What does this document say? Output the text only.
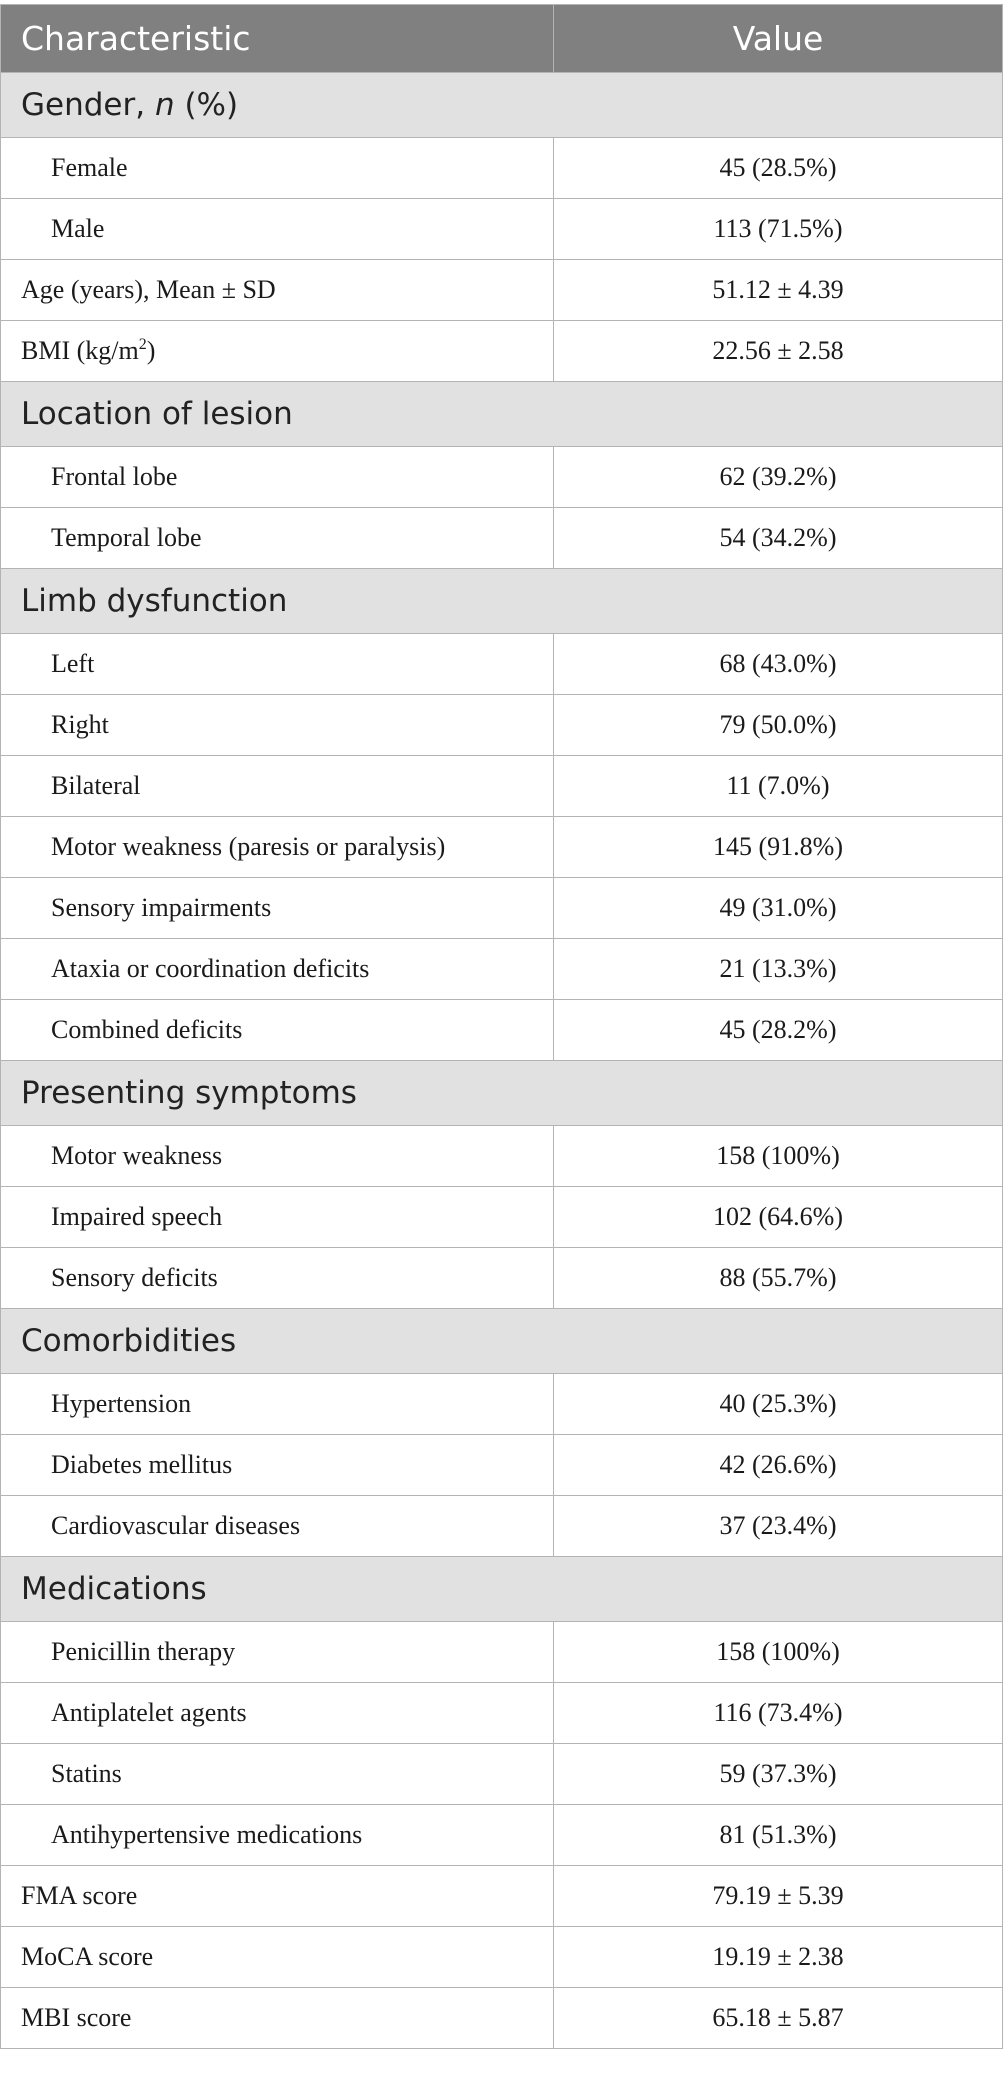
Characteristic	Value
Gender, n (%)	
Female	45 (28.5%)
Male	113 (71.5%)
Age (years), Mean ± SD	51.12 ± 4.39
BMI $(kg/m^2)$	22.56 ± 2.58
Location of lesion	
Frontal lobe	62 (39.2%)
Temporal lobe	54 (34.2%)
Limb dysfunction	
Left	68 (43.0%)
Right	79 (50.0%)
Bilateral	11 (7.0%)
Motor weakness (paresis or paralysis)	145 (91.8%)
Sensory impairments	49 (31.0%)
Ataxia or coordination deficits	21 (13.3%)
Combined deficits	45 (28.2%)
Presenting symptoms	
Motor weakness	158 (100%)
Impaired speech	102 (64.6%)
Sensory deficits	88 (55.7%)
Comorbidities	
Hypertension	40 (25.3%)
Diabetes mellitus	42 (26.6%)
Cardiovascular diseases	37 (23.4%)
Medications	
Penicillin therapy	158 (100%)
Antiplatelet agents	116 (73.4%)
Statins	59 (37.3%)
Antihypertensive medications	81 (51.3%)
FMA score	79.19 ± 5.39
MoCA score	19.19 ± 2.38
MBI score	65.18 ± 5.87
